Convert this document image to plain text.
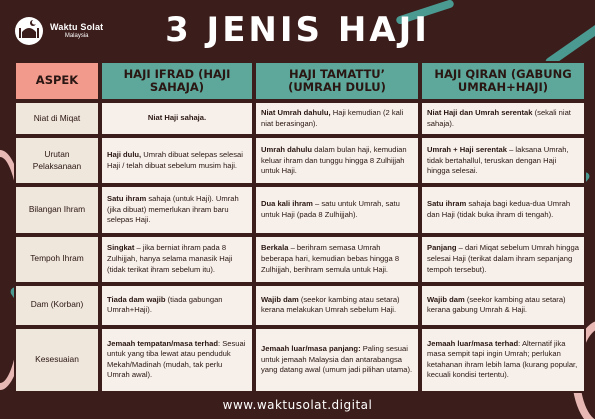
Waktu Solat
Malaysia	3 JENIS HAJI
ASPEK	HAJI IFRAD (HAJI SAHAJA)	HAJI TAMATTU’ (UMRAH DULU)	HAJI QIRAN (GABUNG UMRAH+HAJI)
Niat di Miqat	Niat Haji sahaja.	Niat Umrah dahulu, Haji kemudian (2 kali niat berasingan).	Niat Haji dan Umrah serentak (sekali niat sahaja).
Urutan Pelaksanaan	Haji dulu, Umrah dibuat selepas selesai Haji / telah dibuat sebelum musim haji.	Umrah dahulu dalam bulan haji, kemudian keluar ihram dan tunggu hingga 8 Zulhijjah untuk Haji.	Umrah + Haji serentak – laksana Umrah, tidak bertahallul, teruskan dengan Haji hingga selesai.
Bilangan Ihram	Satu ihram sahaja (untuk Haji). Umrah (jika dibuat) memerlukan ihram baru selepas Haji.	Dua kali ihram – satu untuk Umrah, satu untuk Haji (pada 8 Zulhijjah).	Satu ihram sahaja bagi kedua-dua Umrah dan Haji (tidak buka ihram di tengah).
Tempoh Ihram	Singkat – jika berniat ihram pada 8 Zulhijjah, hanya selama manasik Haji (tidak terikat ihram sebelum itu).	Berkala – berihram semasa Umrah beberapa hari, kemudian bebas hingga 8 Zulhijjah, berihram semula untuk Haji.	Panjang – dari Miqat sebelum Umrah hingga selesai Haji (terikat dalam ihram sepanjang tempoh tersebut).
Dam (Korban)	Tiada dam wajib (tiada gabungan Umrah+Haji).	Wajib dam (seekor kambing atau setara) kerana melakukan Umrah sebelum Haji.	Wajib dam (seekor kambing atau setara) kerana gabung Umrah & Haji.
Kesesuaian	Jemaah tempatan/masa terhad: Sesuai untuk yang tiba lewat atau penduduk Mekah/Madinah (mudah, tak perlu Umrah awal).	Jemaah luar/masa panjang: Paling sesuai untuk jemaah Malaysia dan antarabangsa yang datang awal (umum jadi pilihan utama).	Jemaah luar/masa terhad: Alternatif jika masa sempit tapi ingin Umrah; perlukan ketahanan ihram lebih lama (kurang popular, kecuali kondisi tertentu).
www.waktusolat.digital
